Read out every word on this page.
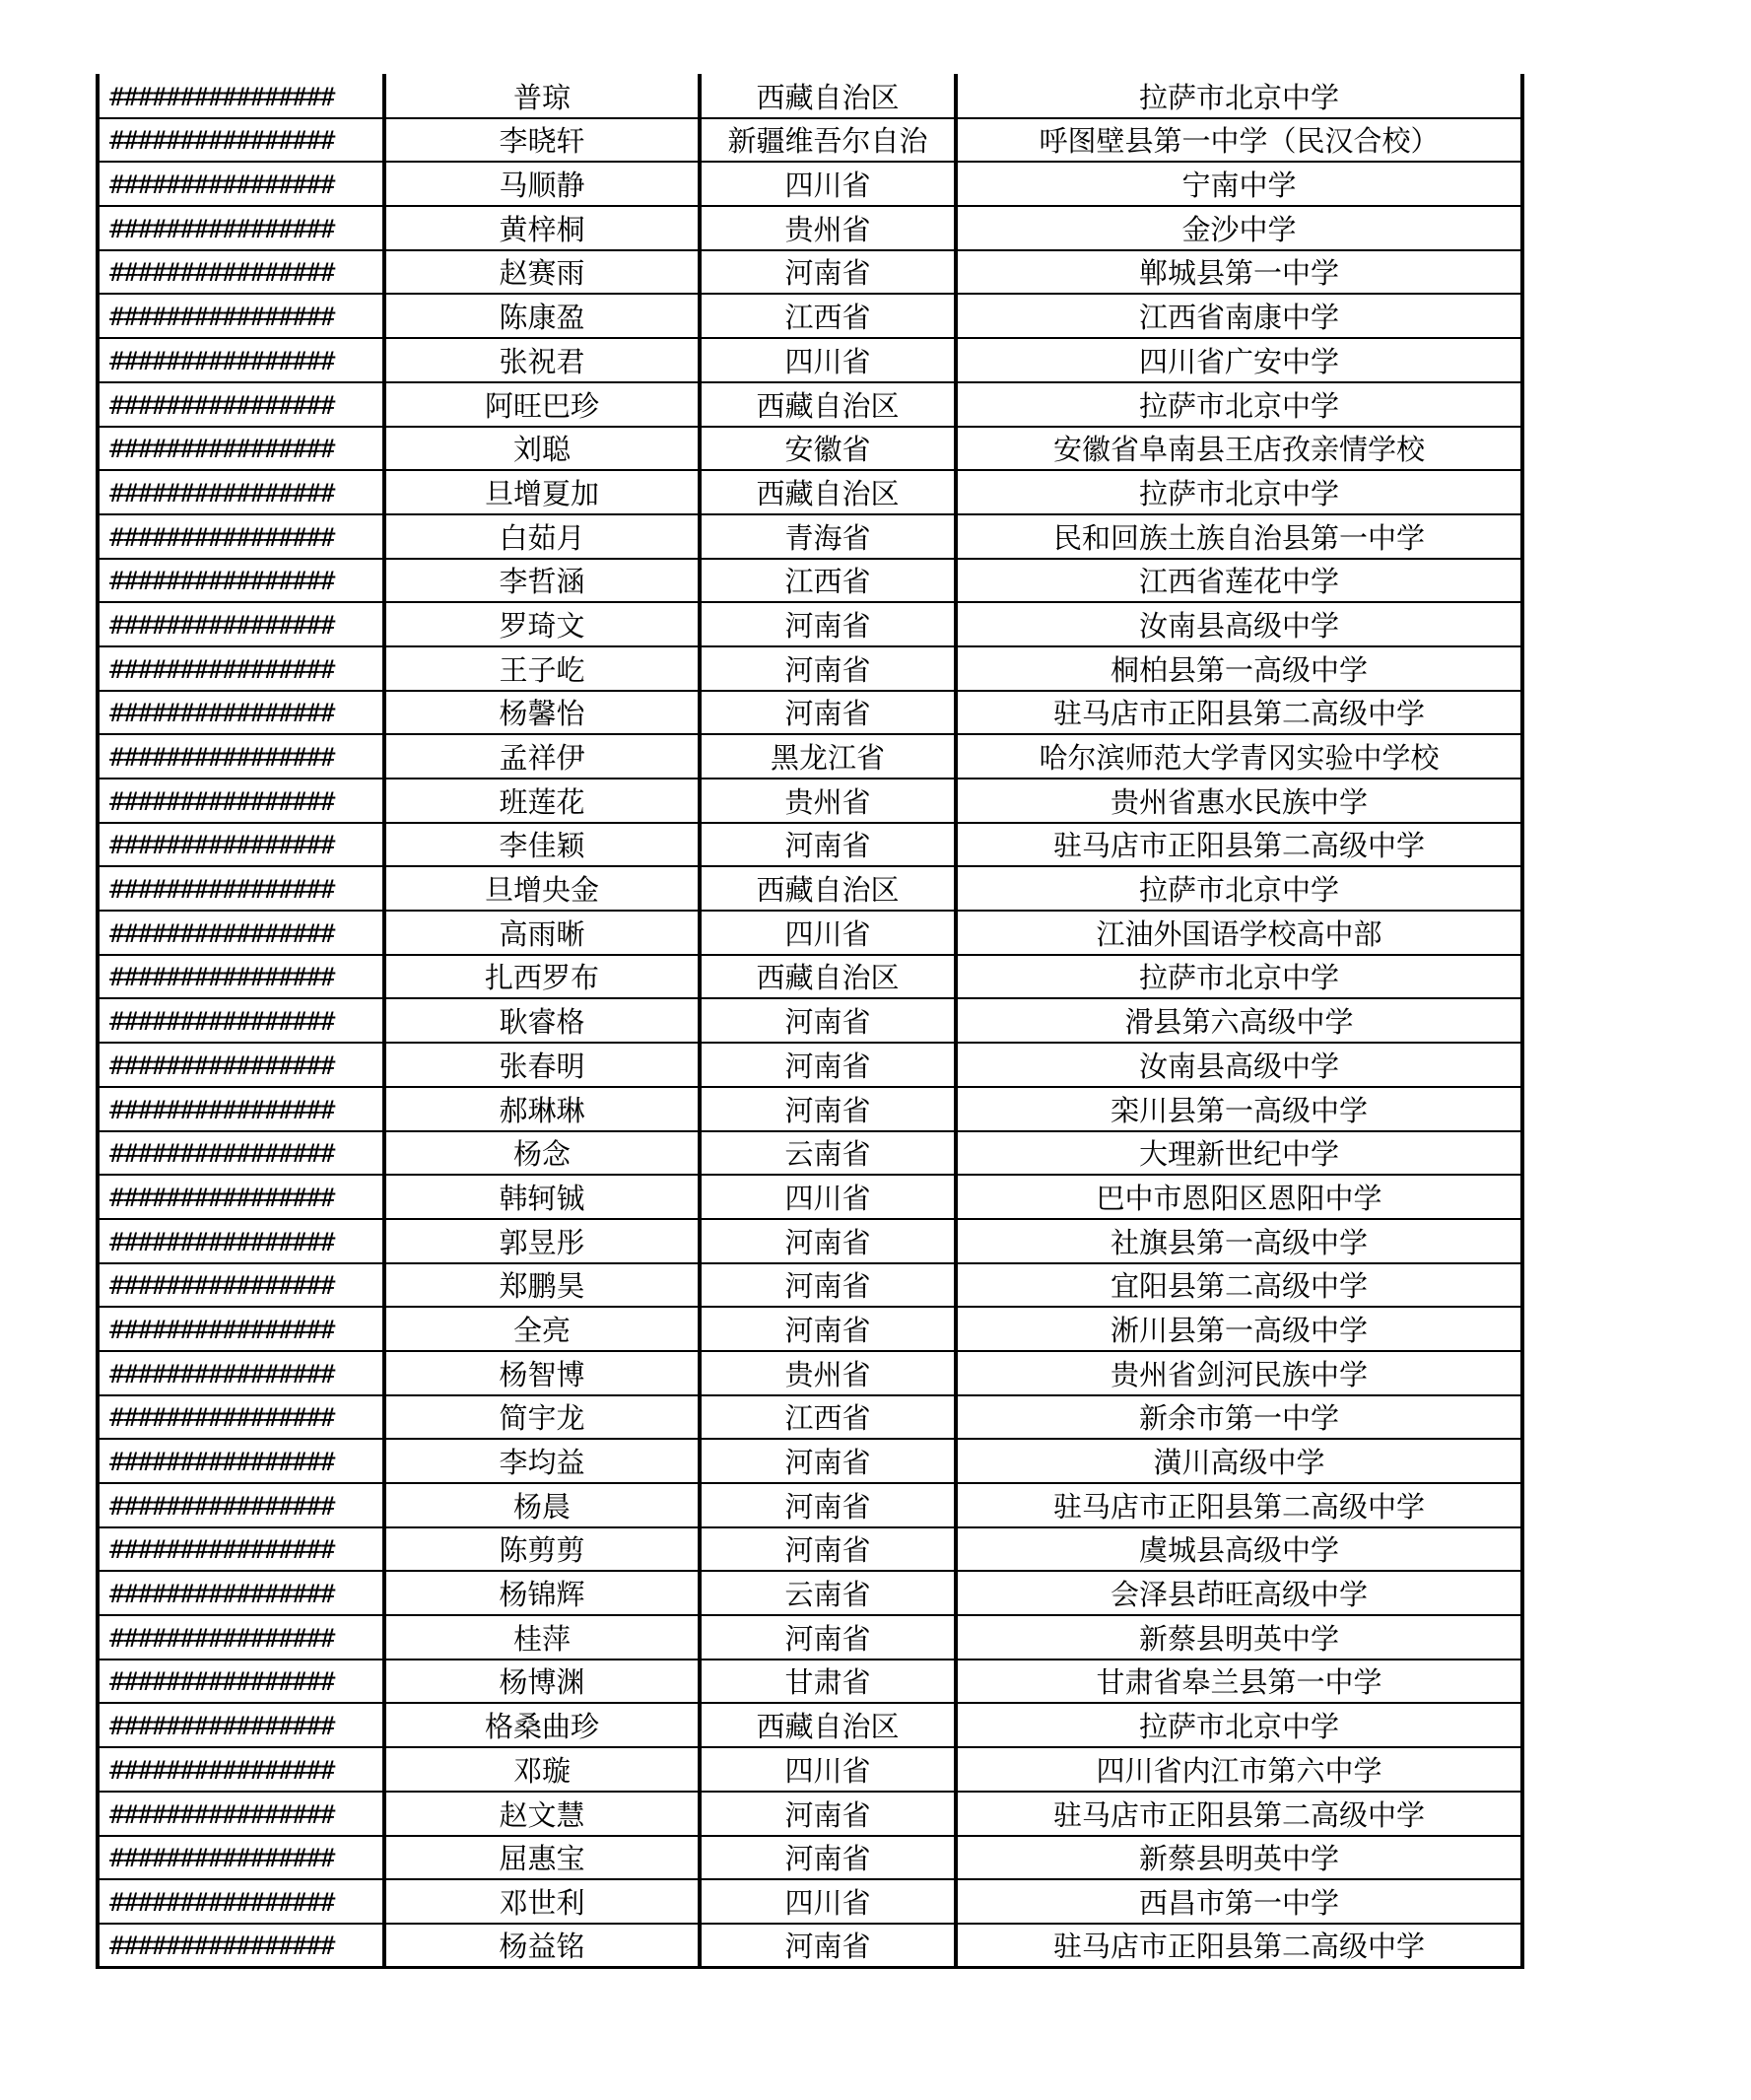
################	普琼	西藏自治区	拉萨市北京中学
################	李晓轩	新疆维吾尔自治	呼图壁县第一中学（民汉合校）
################	马顺静	四川省	宁南中学
################	黄梓桐	贵州省	金沙中学
################	赵赛雨	河南省	郸城县第一中学
################	陈康盈	江西省	江西省南康中学
################	张祝君	四川省	四川省广安中学
################	阿旺巴珍	西藏自治区	拉萨市北京中学
################	刘聪	安徽省	安徽省阜南县王店孜亲情学校
################	旦增夏加	西藏自治区	拉萨市北京中学
################	白茹月	青海省	民和回族土族自治县第一中学
################	李哲涵	江西省	江西省莲花中学
################	罗琦文	河南省	汝南县高级中学
################	王子屹	河南省	桐柏县第一高级中学
################	杨馨怡	河南省	驻马店市正阳县第二高级中学
################	孟祥伊	黑龙江省	哈尔滨师范大学青冈实验中学校
################	班莲花	贵州省	贵州省惠水民族中学
################	李佳颖	河南省	驻马店市正阳县第二高级中学
################	旦增央金	西藏自治区	拉萨市北京中学
################	高雨晰	四川省	江油外国语学校高中部
################	扎西罗布	西藏自治区	拉萨市北京中学
################	耿睿格	河南省	滑县第六高级中学
################	张春明	河南省	汝南县高级中学
################	郝琳琳	河南省	栾川县第一高级中学
################	杨念	云南省	大理新世纪中学
################	韩轲铖	四川省	巴中市恩阳区恩阳中学
################	郭昱彤	河南省	社旗县第一高级中学
################	郑鹏昊	河南省	宜阳县第二高级中学
################	全亮	河南省	淅川县第一高级中学
################	杨智博	贵州省	贵州省剑河民族中学
################	简宇龙	江西省	新余市第一中学
################	李均益	河南省	潢川高级中学
################	杨晨	河南省	驻马店市正阳县第二高级中学
################	陈剪剪	河南省	虞城县高级中学
################	杨锦辉	云南省	会泽县茚旺高级中学
################	桂萍	河南省	新蔡县明英中学
################	杨博渊	甘肃省	甘肃省皋兰县第一中学
################	格桑曲珍	西藏自治区	拉萨市北京中学
################	邓璇	四川省	四川省内江市第六中学
################	赵文慧	河南省	驻马店市正阳县第二高级中学
################	屈惠宝	河南省	新蔡县明英中学
################	邓世利	四川省	西昌市第一中学
################	杨益铭	河南省	驻马店市正阳县第二高级中学
